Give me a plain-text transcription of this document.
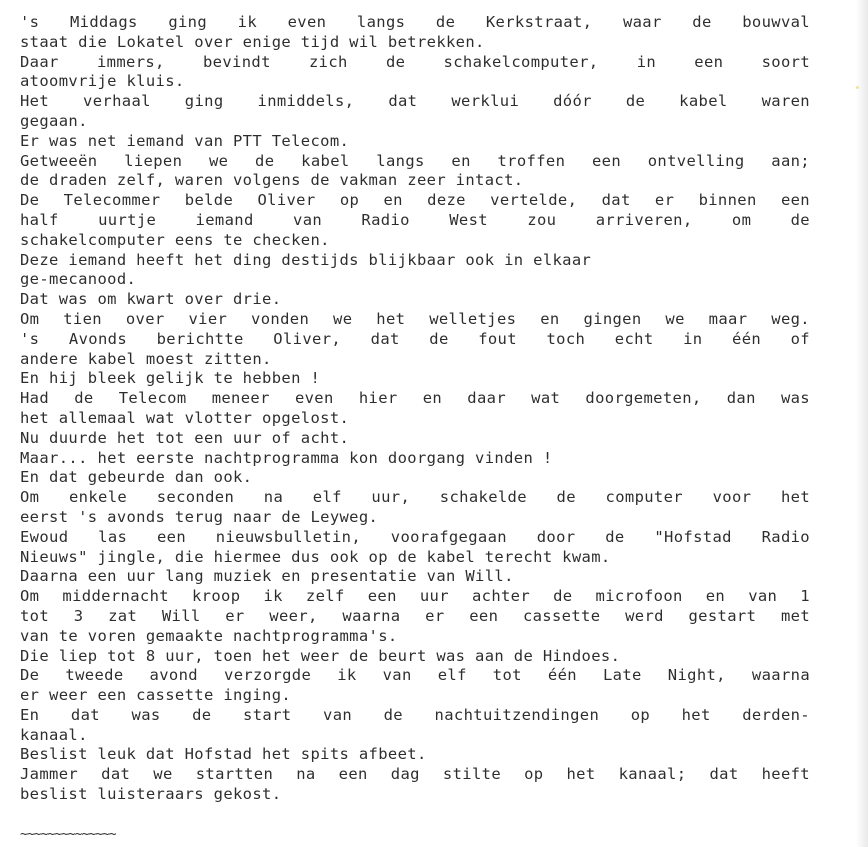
's Middags ging ik even langs de Kerkstraat, waar de bouwval
staat die Lokatel over enige tijd wil betrekken.
Daar immers, bevindt zich de schakelcomputer, in een soort
atoomvrije kluis.
Het verhaal ging inmiddels, dat werklui dóór de kabel waren
gegaan.
Er was net iemand van PTT Telecom.
Getweeën liepen we de kabel langs en troffen een ontvelling aan;
de draden zelf, waren volgens de vakman zeer intact.
De Telecommer belde Oliver op en deze vertelde, dat er binnen een
half uurtje iemand van Radio West zou arriveren, om de
schakelcomputer eens te checken.
Deze iemand heeft het ding destijds blijkbaar ook in elkaar
ge-mecanood.
Dat was om kwart over drie.
Om tien over vier vonden we het welletjes en gingen we maar weg.
's Avonds berichtte Oliver, dat de fout toch echt in één of
andere kabel moest zitten.
En hij bleek gelijk te hebben !
Had de Telecom meneer even hier en daar wat doorgemeten, dan was
het allemaal wat vlotter opgelost.
Nu duurde het tot een uur of acht.
Maar... het eerste nachtprogramma kon doorgang vinden !
En dat gebeurde dan ook.
Om enkele seconden na elf uur, schakelde de computer voor het
eerst 's avonds terug naar de Leyweg.
Ewoud las een nieuwsbulletin, voorafgegaan door de "Hofstad Radio
Nieuws" jingle, die hiermee dus ook op de kabel terecht kwam.
Daarna een uur lang muziek en presentatie van Will.
Om middernacht kroop ik zelf een uur achter de microfoon en van 1
tot 3 zat Will er weer, waarna er een cassette werd gestart met
van te voren gemaakte nachtprogramma's.
Die liep tot 8 uur, toen het weer de beurt was aan de Hindoes.
De tweede avond verzorgde ik van elf tot één Late Night, waarna
er weer een cassette inging.
En dat was de start van de nachtuitzendingen op het derden-
kanaal.
Beslist leuk dat Hofstad het spits afbeet.
Jammer dat we startten na een dag stilte op het kanaal; dat heeft
beslist luisteraars gekost.
~~~~~~~~~~~~~~
